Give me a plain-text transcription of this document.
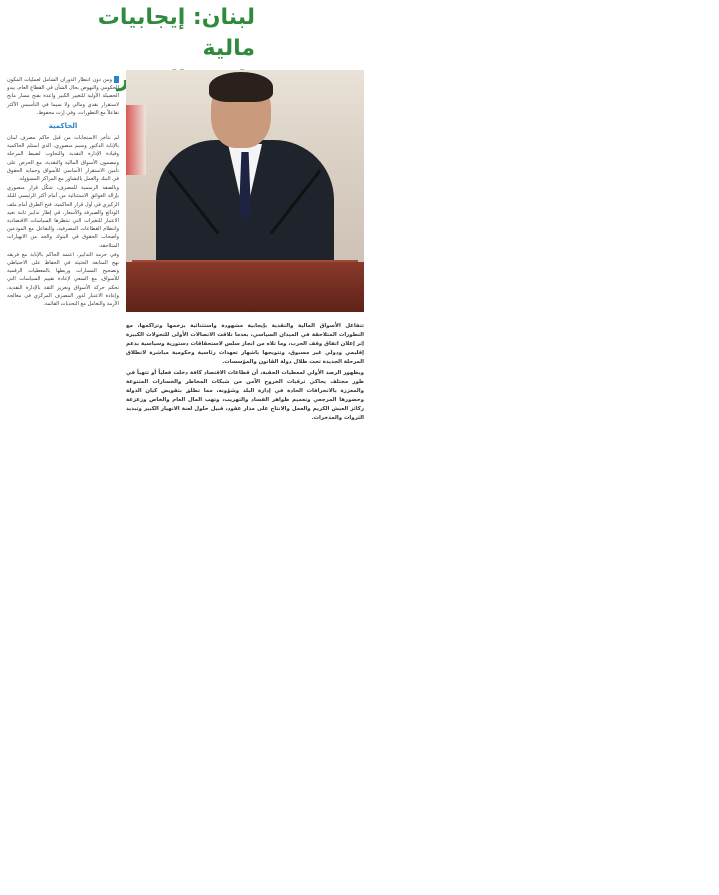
لبنان: إيجابيات مالية

ومن دون انتظار الدوران الشامل لعمليات المكون الحكومي والنهوض بحال الشأن في القطاع العام، يبدو الحصيلة الأولية للتغيير الكبير واعدة بفتح مسار مانح لاستقرار نقدي ومالي ولا سيما في التأسيس الأكثر تفاعلاً مع التطورات، وفي إرث محفوظ.

الحاكمية

لم تتأخر الاستجابات من قبل حاكم مصرف لبنان بالإنابة الدكتور وسيم منصوري، الذي استلم الحاكمية وقيادة الإدارة النقدية والتجاوب لضبط المرحلة ومضمون الأسواق المالية والنقدية، مع الحرص على تأمين الاستقرار الأساسي للأسواق وحماية الحقوق في البنك والعمل بالتشاور مع المراكز المسؤولة.

وبالصفة الرسمية للمصرف، شكّل قرار منصوري بإزالة العوائق الاستثنائية من أمام أكثر الرئيسي للبلد الركيزي في أول قرار الحاكمية، فتح الطرق أمام ملف الودائع والصيرفة والأسعار، في إطار تدابير ثابتة تعيد الاعتبار للتغيرات التي تنتظرها السياسات الاقتصادية وانتظام القطاعات المصرفية، والتفاعل مع المودعين وأصحاب الحقوق في البنوك والحد من الانهيارات المتلاحقة.

وفي حزمة التدابير، اعتمد الحاكم بالإنابة مع فريقه نهج المتابعة الحثيثة في الحفاظ على الاحتياطي وتصحيح المسارات وربطها بالمعطيات الرقمية للأسواق، مع السعي لإعادة تقييم السياسات التي تحكم حركة الأسواق وتعزيز الثقة بالإدارة النقدية، وإعادة الاعتبار لدور المصرف المركزي في معالجة الأزمة والتعامل مع التحديات القائمة.

تتفاعل الأسواق المالية والنقدية بإيجابية مشهودة واستثنائية بزخمها وتراكمها، مع التطورات المتلاحقة في الميدان السياسي، بعدما تلاقت الاتصالات الأولى للتحولات الكبيرة إثر إعلان اتفاق وقف الحرب، وما تلاه من انجاز سلس لاستحقاقات دستورية وسياسية بدعم إقليمي ودولي غير مسبوق، وتتويجها باشهار تعهدات رئاسية وحكومية مباشرة لانطلاق المرحلة الجديدة تحت ظلال دولة القانون والمؤسسات.

وبظهور الرصد الأولي لمعطيات الحقبة، أن قطاعات الاقتصاد كافة دخلت فعلياً أو تتهيأ في طور مختلف يحاكي ترقبات الخروج الآمن من شبكات المخاطر والخسارات المتنوعة والمعززة بالانحرافات الحادة في إدارة البلد وشؤونه، مما تطلق بتقويض كيان الدولة وحضورها المرجعي وتعميم ظواهر الفساد والتهريب، وتهب المال العام والخاص وزعزعة ركائز العيش الكريم والعمل والانتاج على مدار عقود، قبيل حلول لعنة الانهيار الكبير وتبديد الثروات والمدخرات.
